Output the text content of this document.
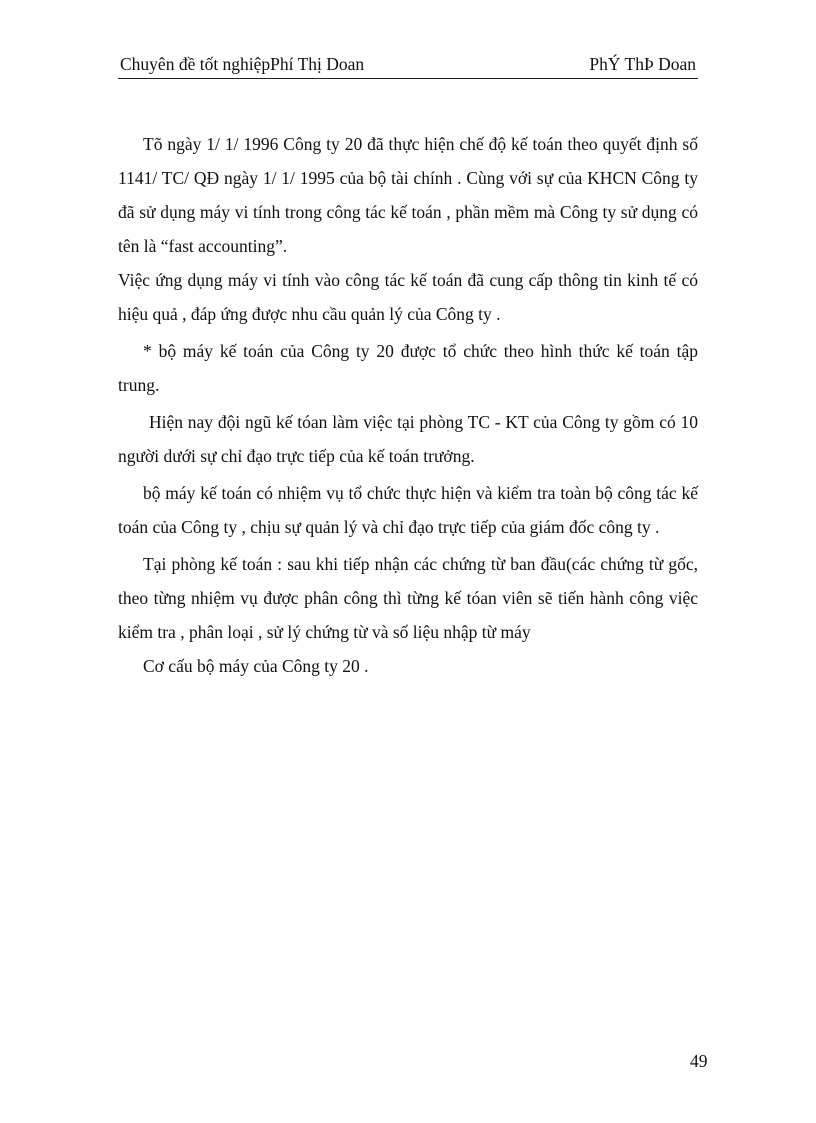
Chuyên đề tốt nghiệpPhí Thị Doan	PhÝ ThÞ Doan

Tõ ngày 1/ 1/ 1996 Công ty 20 đã thực hiện chế độ kế toán theo quyết định số 1141/ TC/ QĐ ngày 1/ 1/ 1995 của bộ tài chính . Cùng với sự của KHCN Công ty đã sử dụng máy vi tính trong công tác kế toán , phần mềm mà Công ty sử dụng có tên là “fast accounting”.

Việc ứng dụng máy vi tính vào công tác kế toán đã cung cấp thông tin kinh tế có hiệu quả , đáp ứng được nhu cầu quản lý của Công ty .

* bộ máy kế toán của Công ty 20 được tổ chức theo hình thức kế toán tập trung.

Hiện nay đội ngũ kế tóan làm việc tại phòng TC - KT của Công ty gồm có 10 người dưới sự chỉ đạo trực tiếp của kế toán trưởng.

bộ máy kế toán có nhiệm vụ tổ chức thực hiện và kiểm tra toàn bộ công tác kế toán của Công ty , chịu sự quản lý và chỉ đạo trực tiếp của giám đốc công ty .

Tại phòng kế toán : sau khi tiếp nhận các chứng từ ban đầu(các chứng từ gốc, theo từng nhiệm vụ được phân công thì từng kế tóan viên sẽ tiến hành công việc kiểm tra , phân loại , sử lý chứng từ và số liệu nhập từ máy

Cơ cấu bộ máy của Công ty 20 .

49
